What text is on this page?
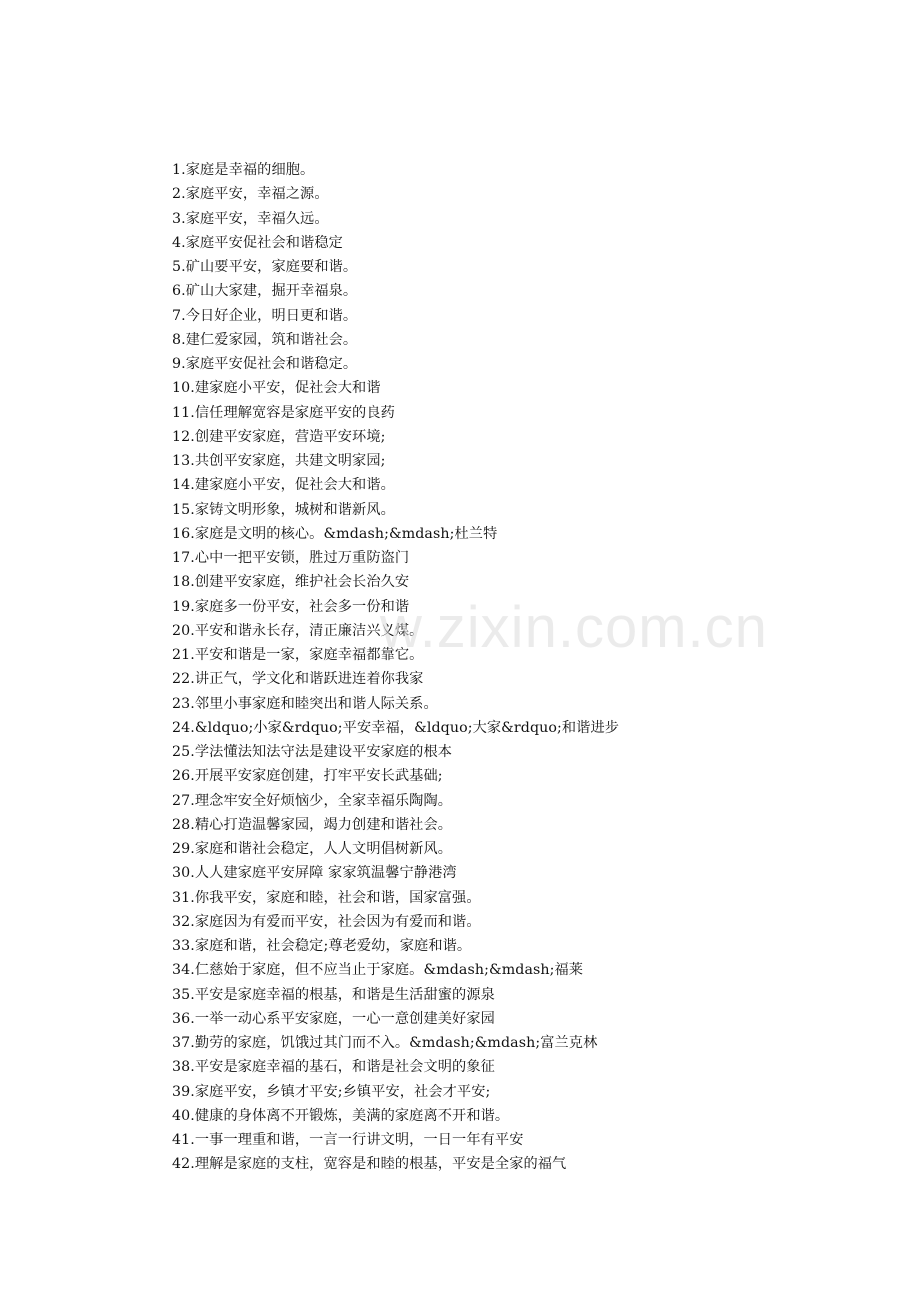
1.家庭是幸福的细胞。
2.家庭平安，幸福之源。
3.家庭平安，幸福久远。
4.家庭平安促社会和谐稳定
5.矿山要平安，家庭要和谐。
6.矿山大家建，掘开幸福泉。
7.今日好企业，明日更和谐。
8.建仁爱家园，筑和谐社会。
9.家庭平安促社会和谐稳定。
10.建家庭小平安，促社会大和谐
11.信任理解宽容是家庭平安的良药
12.创建平安家庭，营造平安环境;
13.共创平安家庭，共建文明家园;
14.建家庭小平安，促社会大和谐。
15.家铸文明形象，城树和谐新风。
16.家庭是文明的核心。&mdash;&mdash;杜兰特
17.心中一把平安锁，胜过万重防盗门
18.创建平安家庭，维护社会长治久安
19.家庭多一份平安，社会多一份和谐
20.平安和谐永长存，清正廉洁兴义煤。
21.平安和谐是一家，家庭幸福都靠它。
22.讲正气，学文化和谐跃进连着你我家
23.邻里小事家庭和睦突出和谐人际关系。
24.&ldquo;小家&rdquo;平安幸福，&ldquo;大家&rdquo;和谐进步
25.学法懂法知法守法是建设平安家庭的根本
26.开展平安家庭创建，打牢平安长武基础;
27.理念牢安全好烦恼少，全家幸福乐陶陶。
28.精心打造温馨家园，竭力创建和谐社会。
29.家庭和谐社会稳定，人人文明倡树新风。
30.人人建家庭平安屏障 家家筑温馨宁静港湾
31.你我平安，家庭和睦，社会和谐，国家富强。
32.家庭因为有爱而平安，社会因为有爱而和谐。
33.家庭和谐，社会稳定;尊老爱幼，家庭和谐。
34.仁慈始于家庭，但不应当止于家庭。&mdash;&mdash;福莱
35.平安是家庭幸福的根基，和谐是生活甜蜜的源泉
36.一举一动心系平安家庭，一心一意创建美好家园
37.勤劳的家庭，饥饿过其门而不入。&mdash;&mdash;富兰克林
38.平安是家庭幸福的基石，和谐是社会文明的象征
39.家庭平安，乡镇才平安;乡镇平安，社会才平安;
40.健康的身体离不开锻炼，美满的家庭离不开和谐。
41.一事一理重和谐，一言一行讲文明，一日一年有平安
42.理解是家庭的支柱，宽容是和睦的根基，平安是全家的福气
w.zixin.com.cn
